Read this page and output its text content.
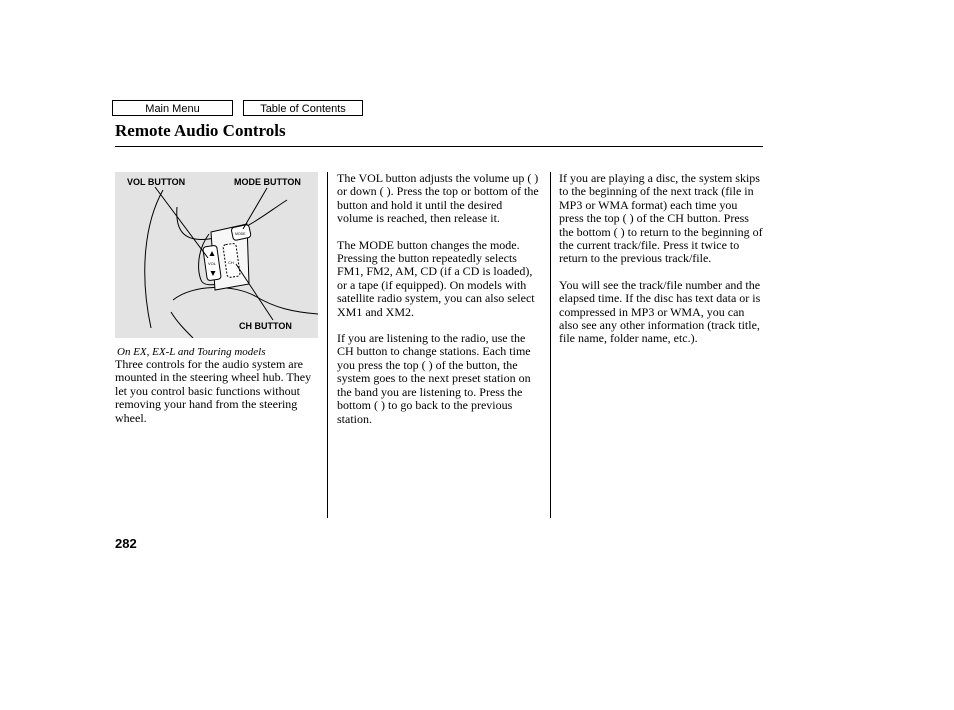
Main Menu	Table of Contents
Remote Audio Controls
VOL	CH
MODE
VOL BUTTON	MODE BUTTON
CH BUTTON
On EX, EX-L and Touring models

Three controls for the audio system are mounted in the steering wheel hub. They let you control basic functions without removing your hand from the steering wheel.

The VOL button adjusts the volume up ( ) or down ( ). Press the top or bottom of the button and hold it until the desired volume is reached, then release it.

The MODE button changes the mode. Pressing the button repeatedly selects FM1, FM2, AM, CD (if a CD is loaded), or a tape (if equipped). On models with satellite radio system, you can also select XM1 and XM2.

If you are listening to the radio, use the CH button to change stations. Each time you press the top ( ) of the button, the system goes to the next preset station on the band you are listening to. Press the bottom ( ) to go back to the previous station.

If you are playing a disc, the system skips to the beginning of the next track (file in MP3 or WMA format) each time you press the top ( ) of the CH button. Press the bottom ( ) to return to the beginning of the current track/file. Press it twice to return to the previous track/file.

You will see the track/file number and the elapsed time. If the disc has text data or is compressed in MP3 or WMA, you can also see any other information (track title, file name, folder name, etc.).

282
